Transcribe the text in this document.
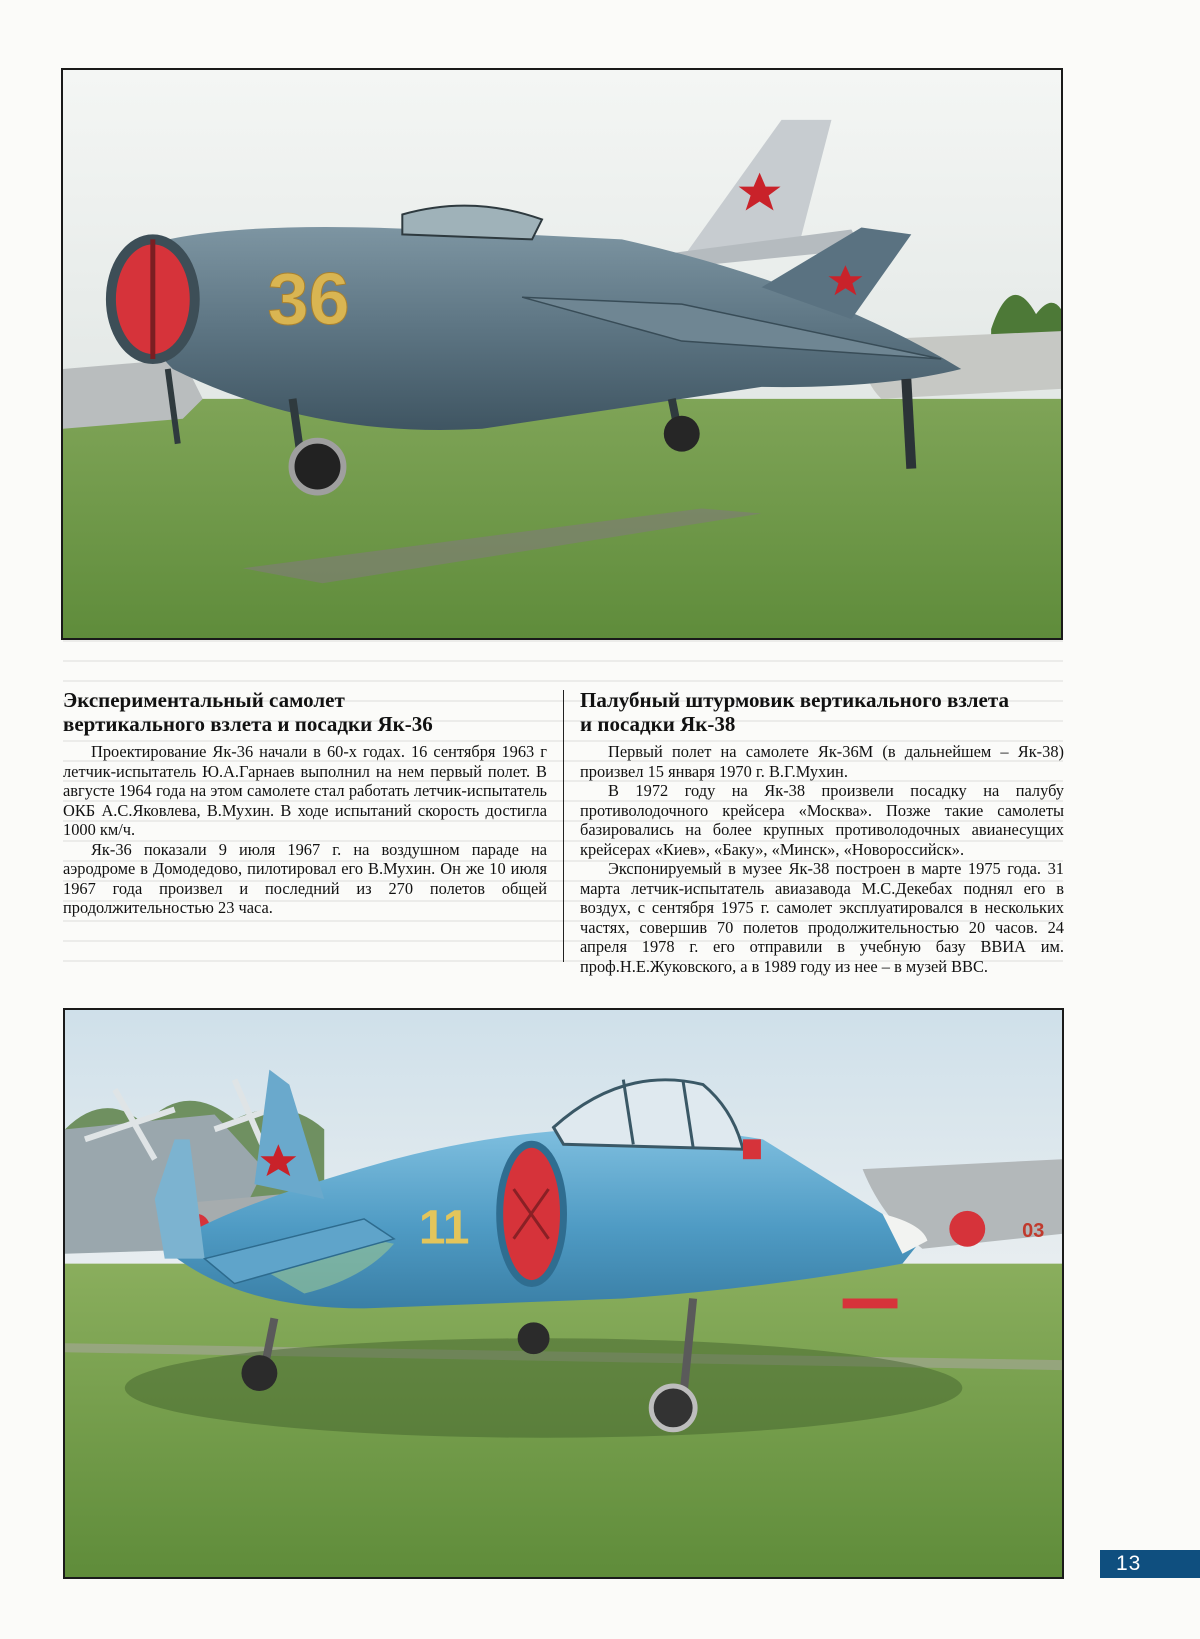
36
Экспериментальный самолет
вертикального взлета и посадки Як-36

Проектирование Як-36 начали в 60-х годах. 16 сентября 1963 г летчик-испытатель Ю.А.Гарнаев выполнил на нем первый полет. В августе 1964 года на этом самолете стал работать летчик-испытатель ОКБ А.С.Яковлева, В.Мухин. В ходе испытаний скорость достигла 1000 км/ч.

Як-36 показали 9 июля 1967 г. на воздушном параде на аэродроме в Домодедово, пилотировал его В.Мухин. Он же 10 июля 1967 года произвел и последний из 270 полетов общей продолжительностью 23 часа.

Палубный штурмовик вертикального взлета
и посадки Як-38

Первый полет на самолете Як-36М (в дальнейшем – Як-38) произвел 15 января 1970 г. В.Г.Мухин.

В 1972 году на Як-38 произвели посадку на палубу противолодочного крейсера «Москва». Позже такие самолеты базировались на более крупных противолодочных авианесущих крейсерах «Киев», «Баку», «Минск», «Новороссийск».

Экспонируемый в музее Як-38 построен в марте 1975 года. 31 марта летчик-испытатель авиазавода М.С.Декебах поднял его в воздух, с сентября 1975 г. самолет эксплуатировался в нескольких частях, совершив 70 полетов продолжительностью 20 часов. 24 апреля 1978 г. его отправили в учебную базу ВВИА им. проф.Н.Е.Жуковского, а в 1989 году из нее – в музей ВВС.

03
11
13
